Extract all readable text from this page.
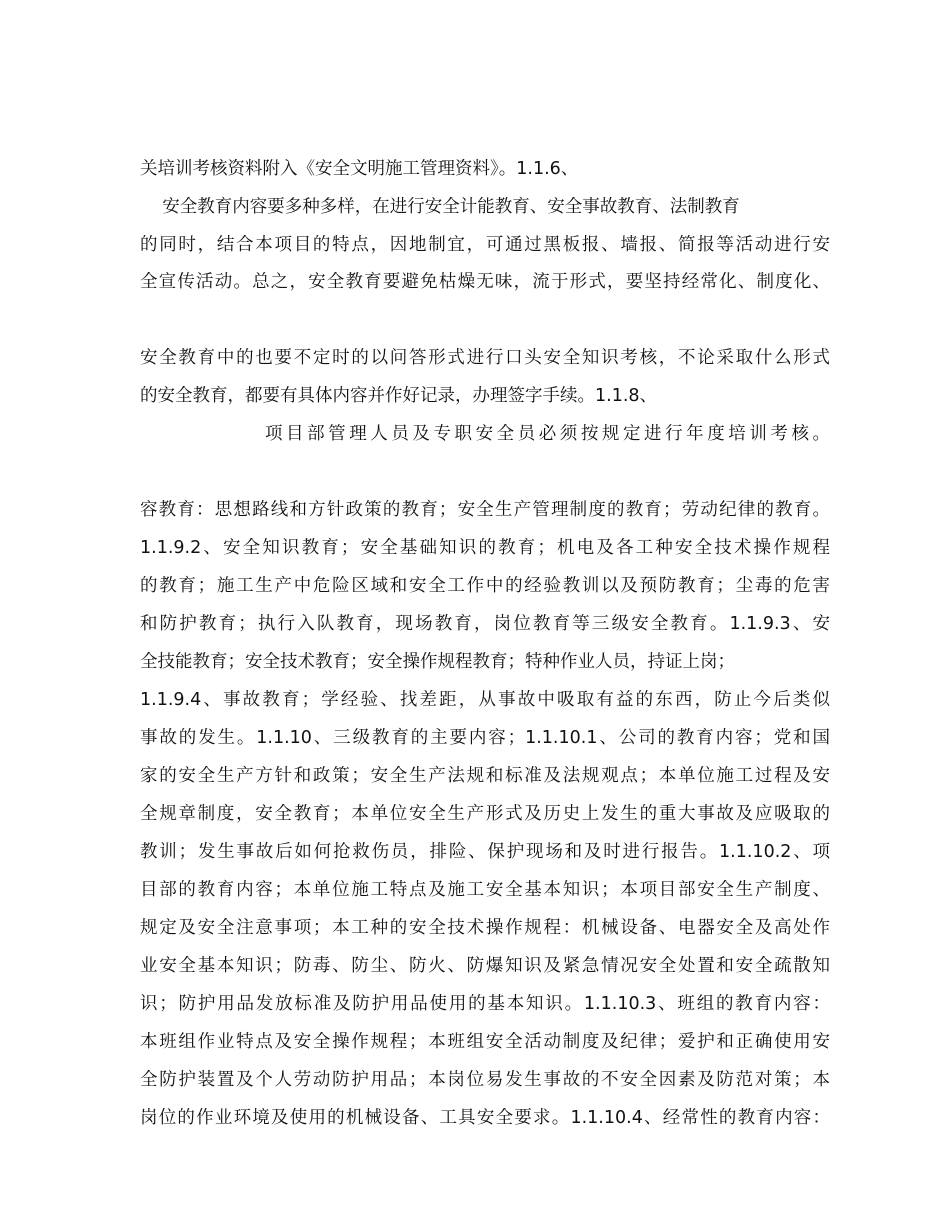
关培训考核资料附入《安全文明施工管理资料》。1.1.6、
安全教育内容要多种多样，在进行安全计能教育、安全事故教育、法制教育
的同时，结合本项目的特点，因地制宜，可通过黑板报、墙报、简报等活动进行安
全宣传活动。总之，安全教育要避免枯燥无味，流于形式，要坚持经常化、制度化、

安全教育中的也要不定时的以问答形式进行口头安全知识考核，不论采取什么形式
的安全教育，都要有具体内容并作好记录，办理签字手续。1.1.8、
项目部管理人员及专职安全员必须按规定进行年度培训考核。

容教育：思想路线和方针政策的教育；安全生产管理制度的教育；劳动纪律的教育。
1.1.9.2、安全知识教育；安全基础知识的教育；机电及各工种安全技术操作规程
的教育；施工生产中危险区域和安全工作中的经验教训以及预防教育；尘毒的危害
和防护教育；执行入队教育，现场教育，岗位教育等三级安全教育。1.1.9.3、安
全技能教育；安全技术教育；安全操作规程教育；特种作业人员，持证上岗；
1.1.9.4、事故教育；学经验、找差距，从事故中吸取有益的东西，防止今后类似
事故的发生。1.1.10、三级教育的主要内容；1.1.10.1、公司的教育内容；党和国
家的安全生产方针和政策；安全生产法规和标准及法规观点；本单位施工过程及安
全规章制度，安全教育；本单位安全生产形式及历史上发生的重大事故及应吸取的
教训；发生事故后如何抢救伤员，排险、保护现场和及时进行报告。1.1.10.2、项
目部的教育内容；本单位施工特点及施工安全基本知识；本项目部安全生产制度、
规定及安全注意事项；本工种的安全技术操作规程：机械设备、电器安全及高处作
业安全基本知识；防毒、防尘、防火、防爆知识及紧急情况安全处置和安全疏散知
识；防护用品发放标准及防护用品使用的基本知识。1.1.10.3、班组的教育内容：
本班组作业特点及安全操作规程；本班组安全活动制度及纪律；爱护和正确使用安
全防护装置及个人劳动防护用品；本岗位易发生事故的不安全因素及防范对策；本
岗位的作业环境及使用的机械设备、工具安全要求。1.1.10.4、经常性的教育内容：
